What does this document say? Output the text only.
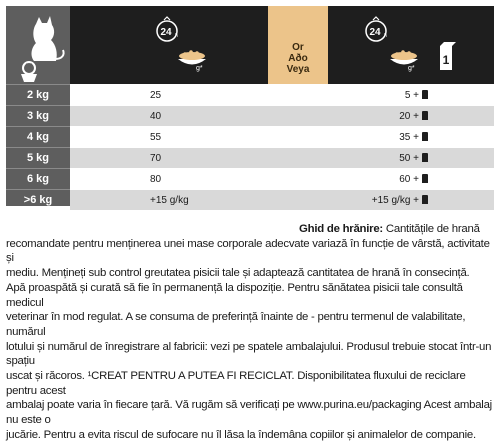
24 h
g*
Or
Aðo
Veya
24 h
g*
1
2 kg	25	5 +
3 kg	40	20 +
4 kg	55	35 +
5 kg	70	50 +
6 kg	80	60 +
>6 kg	+15 g/kg	+15 g/kg +
Ghid de hrănire: Cantitățile de hrană
recomandate pentru menținerea unei mase corporale adecvate variază în funcție de vârstă, activitate și
mediu. Mențineți sub control greutatea pisicii tale și adaptează cantitatea de hrană în consecință.
Apă proaspătă și curată să fie în permanență la dispoziție. Pentru sănătatea pisicii tale consultă medicul
veterinar în mod regulat. A se consuma de preferință înainte de - pentru termenul de valabilitate, numărul
lotului și numărul de înregistrare al fabricii: vezi pe spatele ambalajului. Produsul trebuie stocat într-un spațiu
uscat și răcoros. ¹CREAT PENTRU A PUTEA FI RECICLAT. Disponibilitatea fluxului de reciclare pentru acest
ambalaj poate varia în fiecare țară. Vă rugăm să verificați pe www.purina.eu/packaging Acest ambalaj nu este o
jucărie. Pentru a evita riscul de sufocare nu îl lăsa la îndemâna copiilor și animalelor de companie.
